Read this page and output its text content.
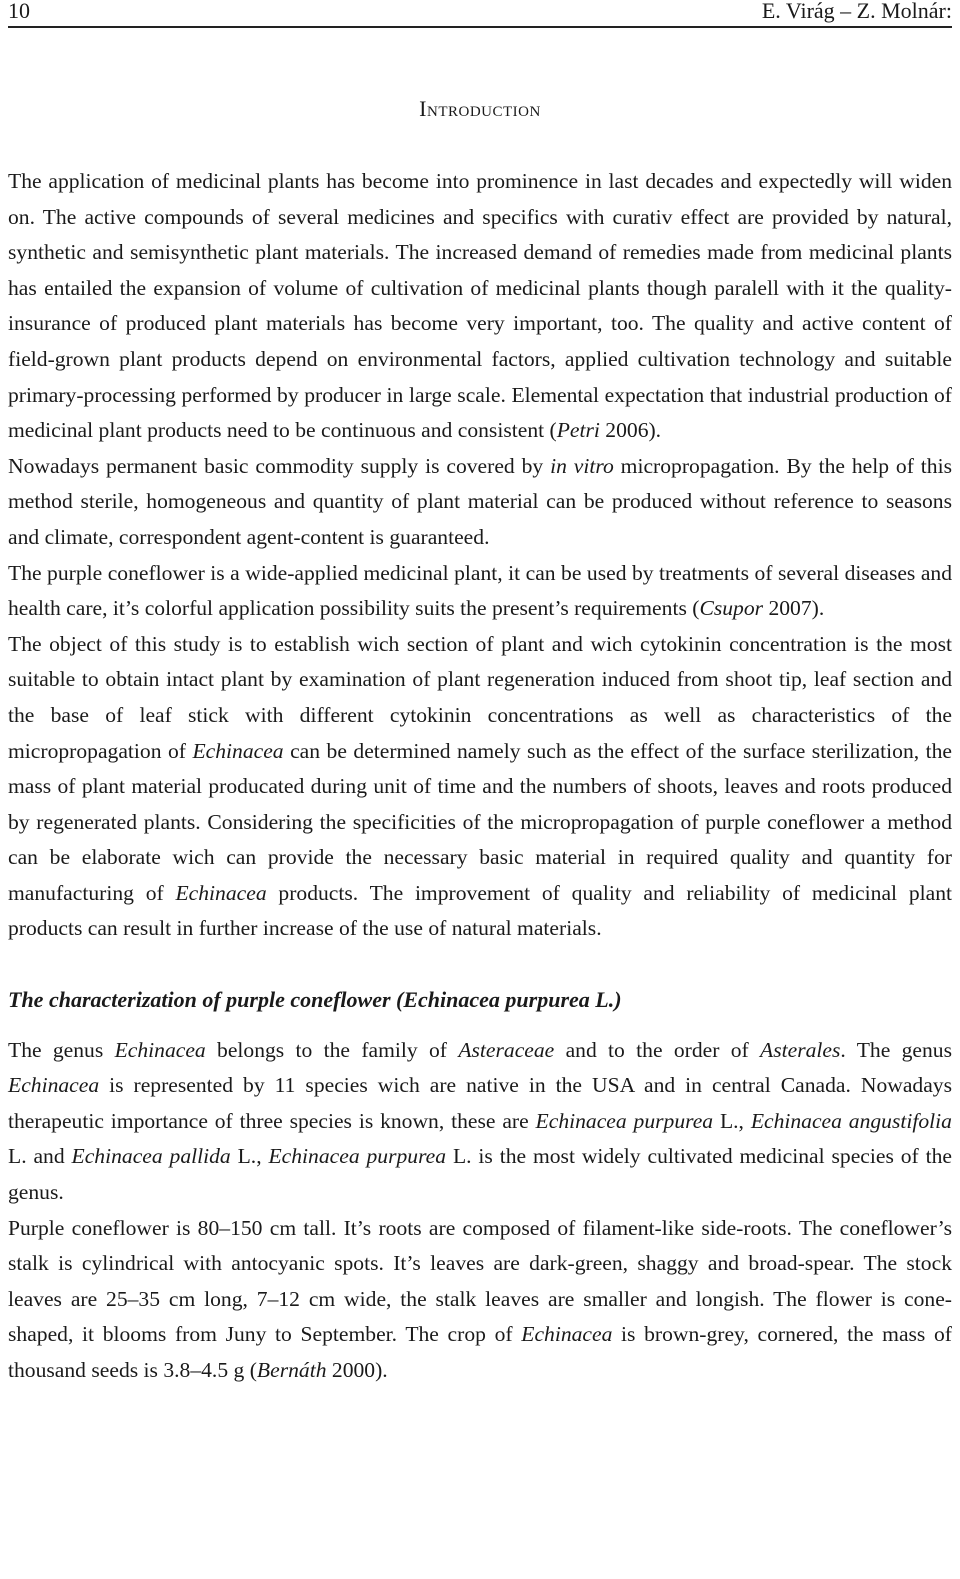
10	E. Virág – Z. Molnár:
Introduction

The application of medicinal plants has become into prominence in last decades and expectedly will widen on. The active compounds of several medicines and specifics with curativ effect are provided by natural, synthetic and semisynthetic plant materials. The increased demand of remedies made from medicinal plants has entailed the expansion of volume of cultivation of medicinal plants though paralell with it the quality-insurance of produced plant materials has become very important, too. The quality and active content of field-grown plant products depend on environmental factors, applied cultivation technology and suitable primary-processing performed by producer in large scale. Elemental expectation that industrial production of medicinal plant products need to be continuous and consistent (Petri 2006).

Nowadays permanent basic commodity supply is covered by in vitro micropropagation. By the help of this method sterile, homogeneous and quantity of plant material can be produced without reference to seasons and climate, correspondent agent-content is guaranteed.

The purple coneflower is a wide-applied medicinal plant, it can be used by treatments of several diseases and health care, it’s colorful application possibility suits the present’s requirements (Csupor 2007).

The object of this study is to establish wich section of plant and wich cytokinin concentration is the most suitable to obtain intact plant by examination of plant regeneration induced from shoot tip, leaf section and the base of leaf stick with different cytokinin concentrations as well as characteristics of the micropropagation of Echinacea can be determined namely such as the effect of the surface sterilization, the mass of plant material producated during unit of time and the numbers of shoots, leaves and roots produced by regenerated plants. Considering the specificities of the micropropagation of purple coneflower a method can be elaborate wich can provide the necessary basic material in required quality and quantity for manufacturing of Echinacea products. The improvement of quality and reliability of medicinal plant products can result in further increase of the use of natural materials.

The characterization of purple coneflower (Echinacea purpurea L.)

The genus Echinacea belongs to the family of Asteraceae and to the order of Asterales. The genus Echinacea is represented by 11 species wich are native in the USA and in central Canada. Nowadays therapeutic importance of three species is known, these are Echinacea purpurea L., Echinacea angustifolia L. and Echinacea pallida L., Echinacea purpurea L. is the most widely cultivated medicinal species of the genus.

Purple coneflower is 80–150 cm tall. It’s roots are composed of filament-like side-roots. The coneflower’s stalk is cylindrical with antocyanic spots. It’s leaves are dark-green, shaggy and broad-spear. The stock leaves are 25–35 cm long, 7–12 cm wide, the stalk leaves are smaller and longish. The flower is cone-shaped, it blooms from Juny to September. The crop of Echinacea is brown-grey, cornered, the mass of thousand seeds is 3.8–4.5 g (Bernáth 2000).
